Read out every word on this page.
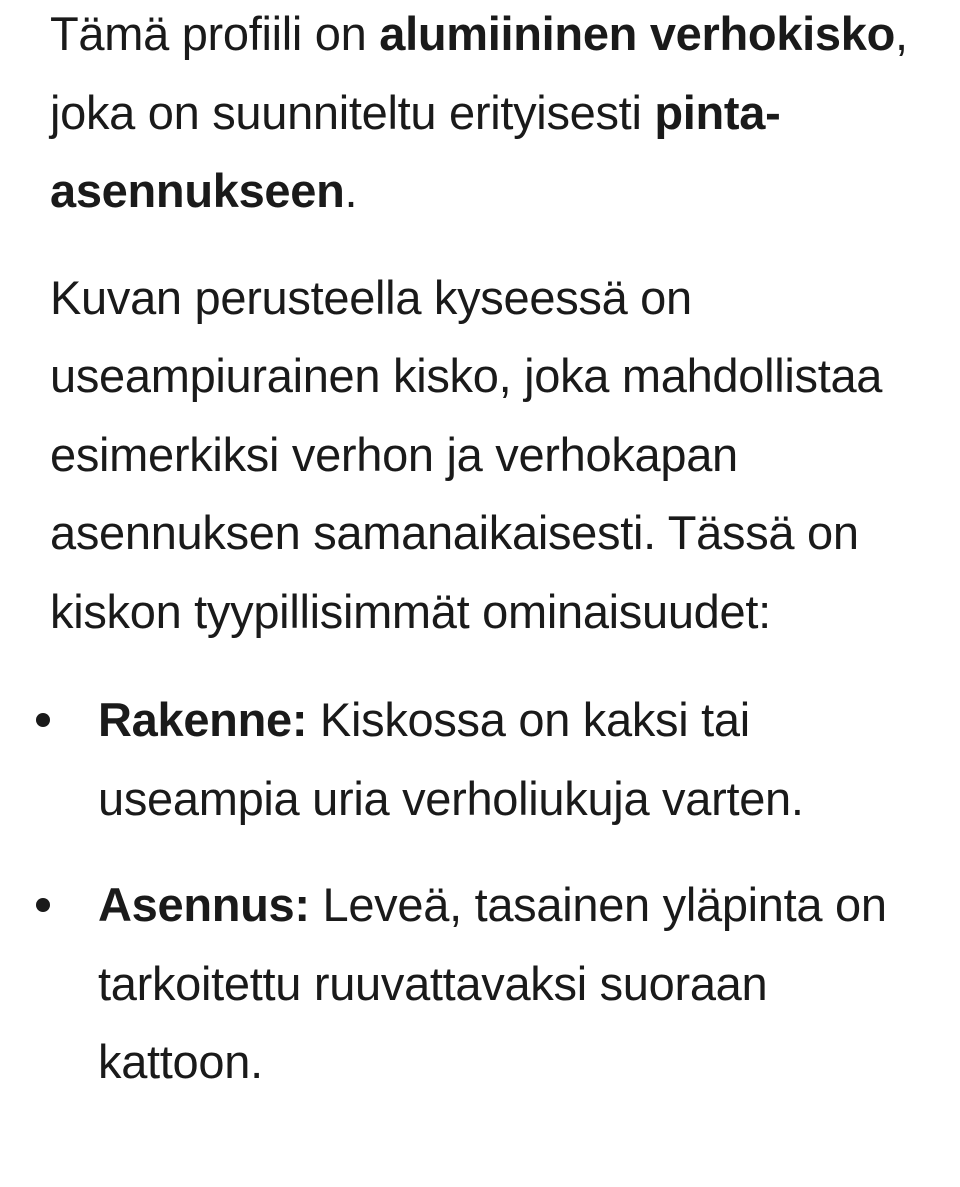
Tämä profiili on alumiininen verhokisko, joka on suunniteltu erityisesti pinta-asennukseen.

Kuvan perusteella kyseessä on useampiurainen kisko, joka mahdollistaa esimerkiksi verhon ja verhokapan asennuksen samanaikaisesti. Tässä on kiskon tyypillisimmät ominaisuudet:

Rakenne: Kiskossa on kaksi tai useampia uria verholiukuja varten.
Asennus: Leveä, tasainen yläpinta on tarkoitettu ruuvattavaksi suoraan kattoon.
